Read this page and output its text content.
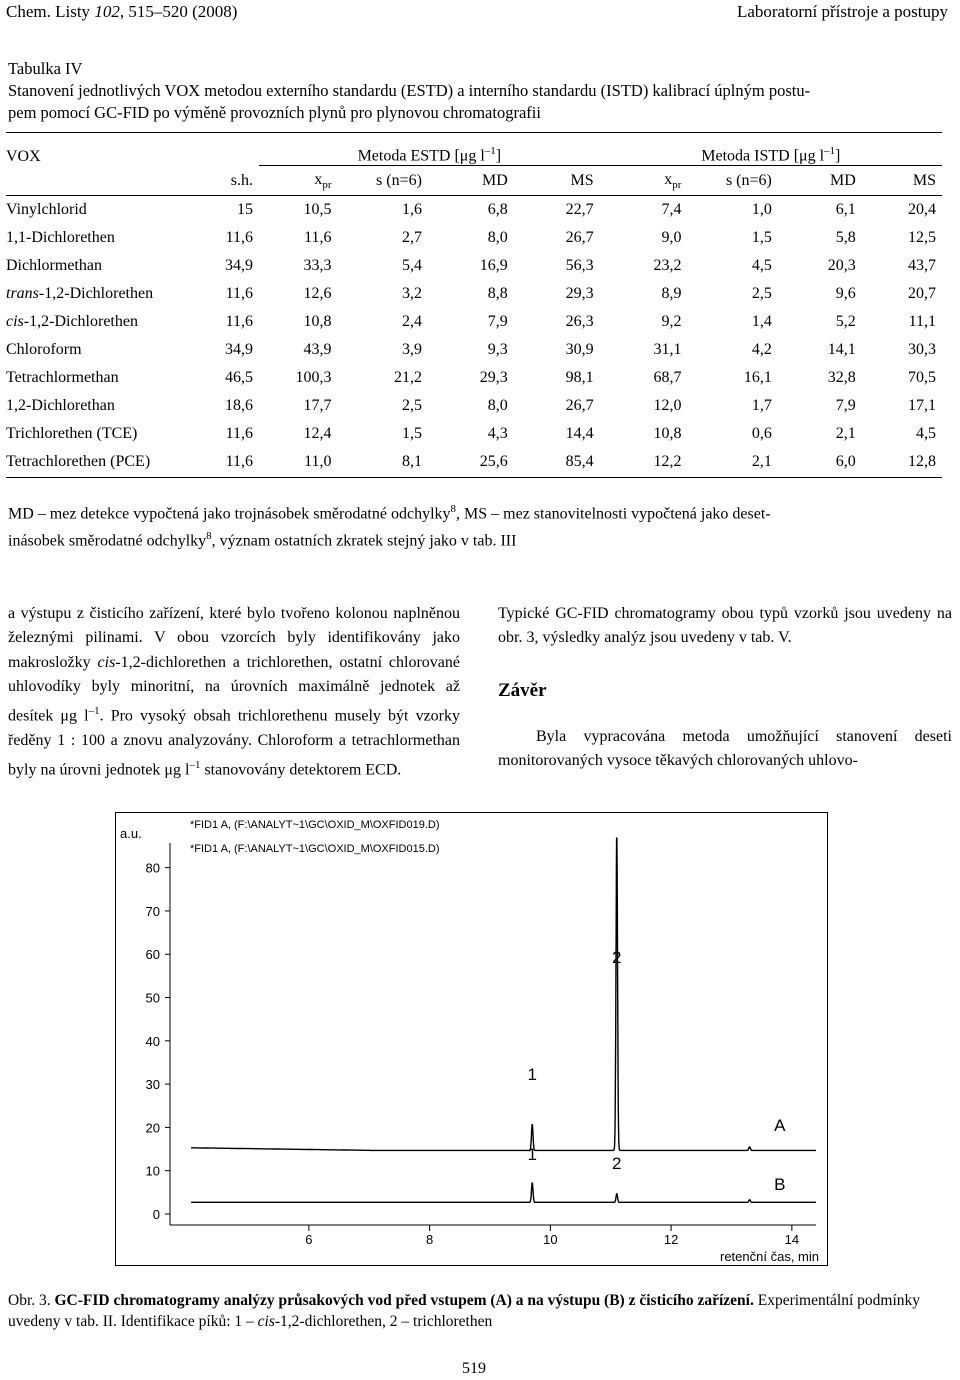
Chem. Listy 102, 515–520 (2008)	Laboratorní přístroje a postupy
Tabulka IV
Stanovení jednotlivých VOX metodou externího standardu (ESTD) a interního standardu (ISTD) kalibrací úplným postu-
pem pomocí GC-FID po výměně provozních plynů pro plynovou chromatografii
VOX		Metoda ESTD [μg $l^{-1}$]				Metoda ISTD [μg $l^{-1}$]			
	s.h.	$x_{pr}$	s (n=6)	MD	MS	$x_{pr}$	s (n=6)	MD	MS
Vinylchlorid	15	10,5	1,6	6,8	22,7	7,4	1,0	6,1	20,4
1,1-Dichlorethen	11,6	11,6	2,7	8,0	26,7	9,0	1,5	5,8	12,5
Dichlormethan	34,9	33,3	5,4	16,9	56,3	23,2	4,5	20,3	43,7
trans-1,2-Dichlorethen	11,6	12,6	3,2	8,8	29,3	8,9	2,5	9,6	20,7
cis-1,2-Dichlorethen	11,6	10,8	2,4	7,9	26,3	9,2	1,4	5,2	11,1
Chloroform	34,9	43,9	3,9	9,3	30,9	31,1	4,2	14,1	30,3
Tetrachlormethan	46,5	100,3	21,2	29,3	98,1	68,7	16,1	32,8	70,5
1,2-Dichlorethan	18,6	17,7	2,5	8,0	26,7	12,0	1,7	7,9	17,1
Trichlorethen (TCE)	11,6	12,4	1,5	4,3	14,4	10,8	0,6	2,1	4,5
Tetrachlorethen (PCE)	11,6	11,0	8,1	25,6	85,4	12,2	2,1	6,0	12,8
MD – mez detekce vypočtená jako trojnásobek směrodatné odchylky$^8$, MS – mez stanovitelnosti vypočtená jako deset-
inásobek směrodatné odchylky$^8$, význam ostatních zkratek stejný jako v tab. III

a výstupu z čisticího zařízení, které bylo tvořeno kolonou naplněnou železnými pilinami. V obou vzorcích byly identifikovány jako makrosložky cis-1,2-dichlorethen a trichlorethen, ostatní chlorované uhlovodíky byly minoritní, na úrovních maximálně jednotek až desítek μg $l^{-1}$. Pro vysoký obsah trichlorethenu musely být vzorky ředěny 1 : 100 a znovu analyzovány. Chloroform a tetrachlormethan byly na úrovni jednotek μg $l^{-1}$ stanovovány detektorem ECD.

Typické GC-FID chromatogramy obou typů vzorků jsou uvedeny na obr. 3, výsledky analýz jsou uvedeny v tab. V.

Závěr

Byla vypracována metoda umožňující stanovení deseti monitorovaných vysoce těkavých chlorovaných uhlovo-

*FID1 A, (F:\ANALYT~1\GC\OXID_M\OXFID019.D)
*FID1 A, (F:\ANALYT~1\GC\OXID_M\OXFID015.D)
a.u.
retenční čas, min
0
10
20
30
40
50
60
70
80
6	8	10	12	14
1
2
1	2
A
B
Obr. 3. GC-FID chromatogramy analýzy průsakových vod před vstupem (A) a na výstupu (B) z čisticího zařízení. Experimentální podmínky uvedeny v tab. II. Identifikace píků: 1 – cis-1,2-dichlorethen, 2 – trichlorethen
519
